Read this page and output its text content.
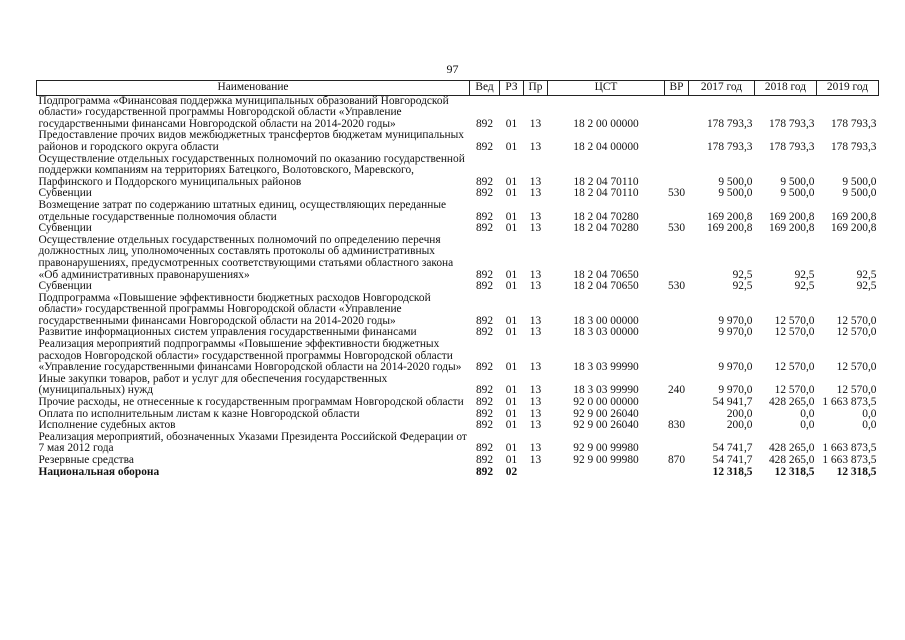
97
Наименование	Вед	РЗ	Пр	ЦСТ	ВР	2017 год	2018 год	2019 год
Подпрограмма «Финансовая поддержка муниципальных образований Новгородской области» государственной программы Новгородской области «Управление государственными финансами Новгородской области на 2014-2020 годы»	892	01	13	18 2 00 00000		178 793,3	178 793,3	178 793,3
Предоставление прочих видов межбюджетных трансфертов бюджетам муниципальных районов и городского округа области	892	01	13	18 2 04 00000		178 793,3	178 793,3	178 793,3
Осуществление отдельных государственных полномочий по оказанию государственной поддержки компаниям на территориях Батецкого, Волотовского, Маревского, Парфинского и Поддорского муниципальных районов	892	01	13	18 2 04 70110		9 500,0	9 500,0	9 500,0
Субвенции	892	01	13	18 2 04 70110	530	9 500,0	9 500,0	9 500,0
Возмещение затрат по содержанию штатных единиц, осуществляющих переданные отдельные государственные полномочия области	892	01	13	18 2 04 70280		169 200,8	169 200,8	169 200,8
Субвенции	892	01	13	18 2 04 70280	530	169 200,8	169 200,8	169 200,8
Осуществление отдельных государственных полномочий по определению перечня должностных лиц, уполномоченных составлять протоколы об административных правонарушениях, предусмотренных соответствующими статьями областного закона «Об административных правонарушениях»	892	01	13	18 2 04 70650		92,5	92,5	92,5
Субвенции	892	01	13	18 2 04 70650	530	92,5	92,5	92,5
Подпрограмма «Повышение эффективности бюджетных расходов Новгородской области» государственной программы Новгородской области «Управление государственными финансами Новгородской области на 2014-2020 годы»	892	01	13	18 3 00 00000		9 970,0	12 570,0	12 570,0
Развитие информационных систем управления государственными финансами	892	01	13	18 3 03 00000		9 970,0	12 570,0	12 570,0
Реализация мероприятий подпрограммы «Повышение эффективности бюджетных расходов Новгородской области» государственной программы Новгородской области «Управление государственными финансами Новгородской области на 2014-2020 годы»	892	01	13	18 3 03 99990		9 970,0	12 570,0	12 570,0
Иные закупки товаров, работ и услуг для обеспечения государственных (муниципальных) нужд	892	01	13	18 3 03 99990	240	9 970,0	12 570,0	12 570,0
Прочие расходы, не отнесенные к государственным программам Новгородской области	892	01	13	92 0 00 00000		54 941,7	428 265,0	1 663 873,5
Оплата по исполнительным листам к казне Новгородской области	892	01	13	92 9 00 26040		200,0	0,0	0,0
Исполнение судебных актов	892	01	13	92 9 00 26040	830	200,0	0,0	0,0
Реализация мероприятий, обозначенных Указами Президента Российской Федерации от 7 мая 2012 года	892	01	13	92 9 00 99980		54 741,7	428 265,0	1 663 873,5
Резервные средства	892	01	13	92 9 00 99980	870	54 741,7	428 265,0	1 663 873,5
Национальная оборона	892	02				12 318,5	12 318,5	12 318,5
